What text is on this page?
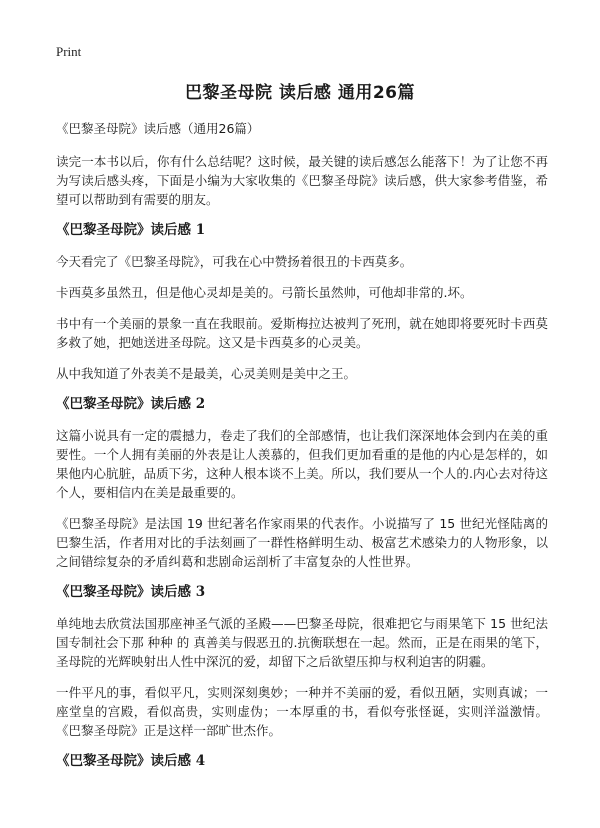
Print
巴黎圣母院 读后感 通用26篇
《巴黎圣母院》读后感（通用26篇）

读完一本书以后，你有什么总结呢？这时候，最关键的读后感怎么能落下！为了让您不再为写读后感头疼，下面是小编为大家收集的《巴黎圣母院》读后感，供大家参考借鉴，希望可以帮助到有需要的朋友。

《巴黎圣母院》读后感 1

今天看完了《巴黎圣母院》，可我在心中赞扬着很丑的卡西莫多。

卡西莫多虽然丑，但是他心灵却是美的。弓箭长虽然帅，可他却非常的.坏。

书中有一个美丽的景象一直在我眼前。爱斯梅拉达被判了死刑，就在她即将要死时卡西莫多救了她，把她送进圣母院。这又是卡西莫多的心灵美。

从中我知道了外表美不是最美，心灵美则是美中之王。

《巴黎圣母院》读后感 2

这篇小说具有一定的震撼力，卷走了我们的全部感情，也让我们深深地体会到内在美的重要性。一个人拥有美丽的外表是让人羡慕的，但我们更加看重的是他的内心是怎样的，如果他内心肮脏，品质下劣，这种人根本谈不上美。所以，我们要从一个人的.内心去对待这个人，要相信内在美是最重要的。

《巴黎圣母院》是法国 19 世纪著名作家雨果的代表作。小说描写了 15 世纪光怪陆离的巴黎生活，作者用对比的手法刻画了一群性格鲜明生动、极富艺术感染力的人物形象，以之间错综复杂的矛盾纠葛和悲剧命运剖析了丰富复杂的人性世界。

《巴黎圣母院》读后感 3

单纯地去欣赏法国那座神圣气派的圣殿——巴黎圣母院，很难把它与雨果笔下 15 世纪法国专制社会下那 种种 的 真善美与假恶丑的.抗衡联想在一起。然而，正是在雨果的笔下，圣母院的光辉映射出人性中深沉的爱，却留下之后欲望压抑与权利迫害的阴霾。

一件平凡的事，看似平凡，实则深刻奥妙；一种并不美丽的爱，看似丑陋，实则真诚；一座堂皇的宫殿，看似高贵，实则虚伪；一本厚重的书，看似夸张怪诞，实则洋溢激情。《巴黎圣母院》正是这样一部旷世杰作。

《巴黎圣母院》读后感 4
